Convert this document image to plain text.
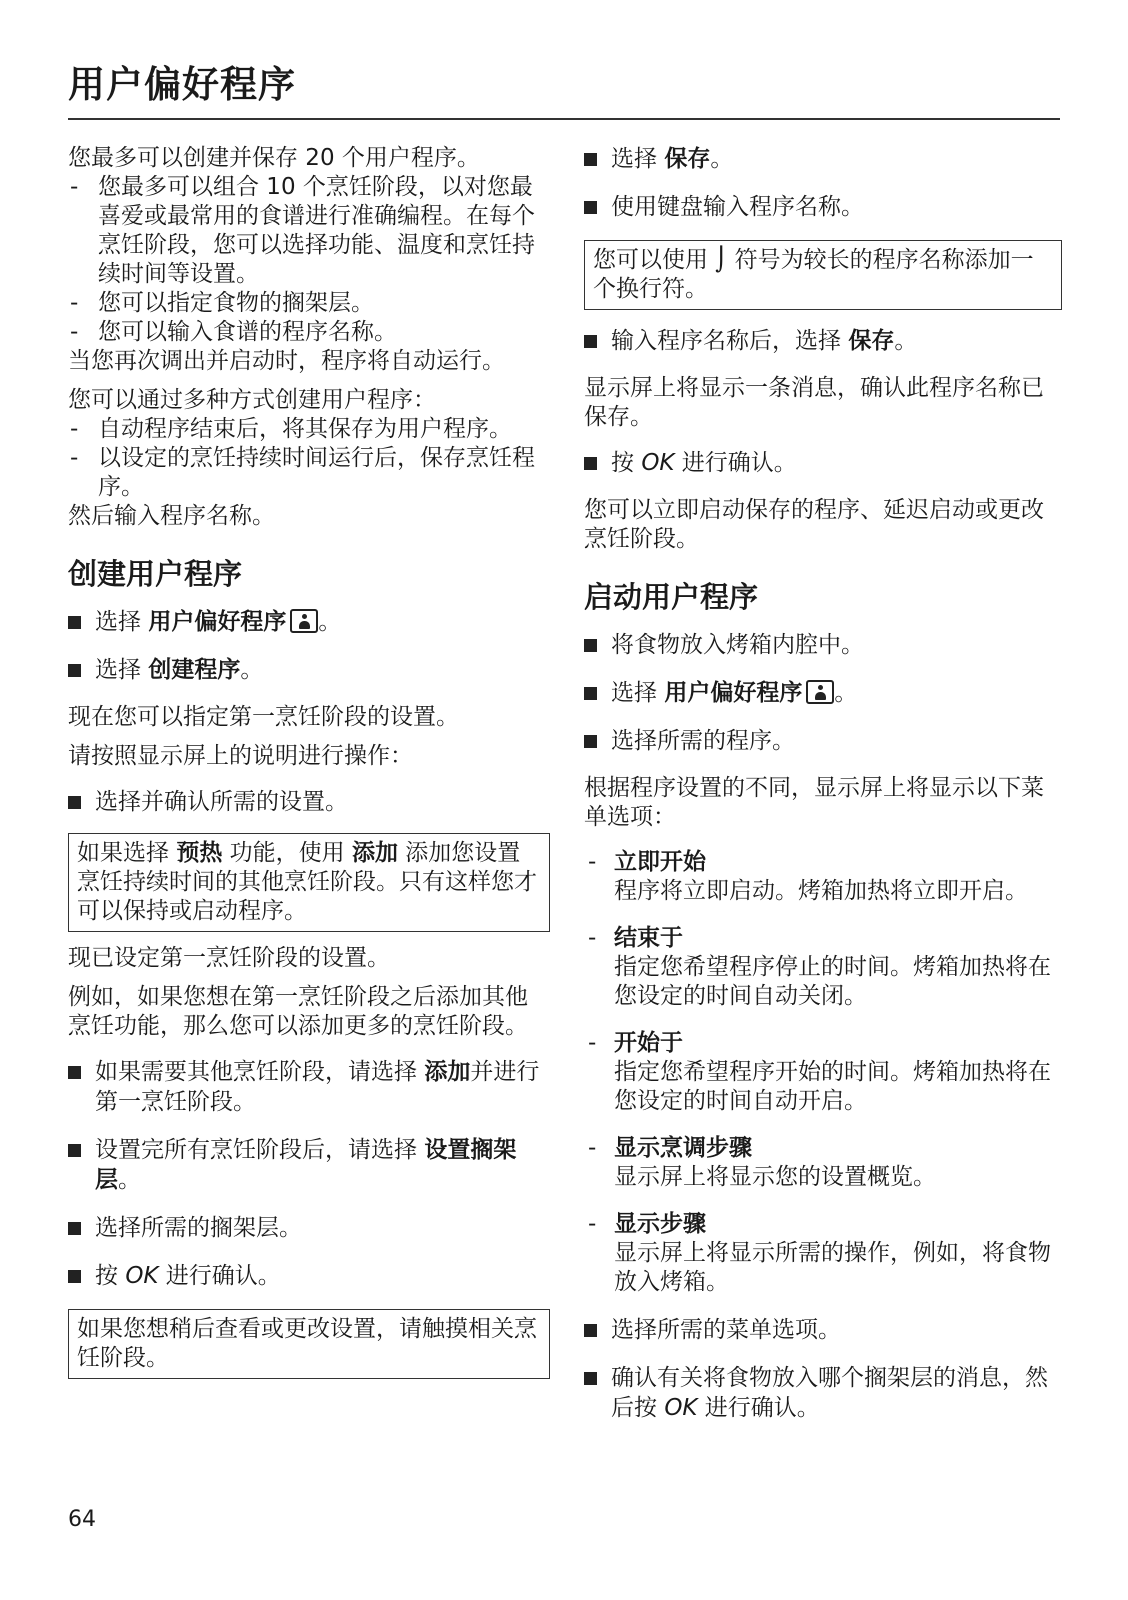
用户偏好程序

您最多可以创建并保存 20 个用户程序。

- 您最多可以组合 10 个烹饪阶段，以对您最喜爱或最常用的食谱进行准确编程。在每个烹饪阶段，您可以选择功能、温度和烹饪持续时间等设置。
- 您可以指定食物的搁架层。
- 您可以输入食谱的程序名称。

当您再次调出并启动时，程序将自动运行。

您可以通过多种方式创建用户程序：

- 自动程序结束后，将其保存为用户程序。
- 以设定的烹饪持续时间运行后，保存烹饪程序。

然后输入程序名称。

创建用户程序
选择 用户偏好程序 。
选择 创建程序。

现在您可以指定第一烹饪阶段的设置。

请按照显示屏上的说明进行操作：

选择并确认所需的设置。
如果选择 预热 功能，使用 添加 添加您设置烹饪持续时间的其他烹饪阶段。只有这样您才可以保持或启动程序。

现已设定第一烹饪阶段的设置。

例如，如果您想在第一烹饪阶段之后添加其他烹饪功能，那么您可以添加更多的烹饪阶段。

如果需要其他烹饪阶段，请选择 添加并进行第一烹饪阶段。
设置完所有烹饪阶段后，请选择 设置搁架层。
选择所需的搁架层。
按 OK 进行确认。
如果您想稍后查看或更改设置，请触摸相关烹饪阶段。
选择 保存。
使用键盘输入程序名称。
您可以使用 ⌡ 符号为较长的程序名称添加一个换行符。
输入程序名称后，选择 保存。

显示屏上将显示一条消息，确认此程序名称已保存。

按 OK 进行确认。

您可以立即启动保存的程序、延迟启动或更改烹饪阶段。

启动用户程序
将食物放入烤箱内腔中。
选择 用户偏好程序 。
选择所需的程序。

根据程序设置的不同，显示屏上将显示以下菜单选项：

- 立即开始
程序将立即启动。烤箱加热将立即开启。
- 结束于
指定您希望程序停止的时间。烤箱加热将在您设定的时间自动关闭。
- 开始于
指定您希望程序开始的时间。烤箱加热将在您设定的时间自动开启。
- 显示烹调步骤
显示屏上将显示您的设置概览。
- 显示步骤
显示屏上将显示所需的操作，例如，将食物放入烤箱。
选择所需的菜单选项。
确认有关将食物放入哪个搁架层的消息，然后按 OK 进行确认。
64
